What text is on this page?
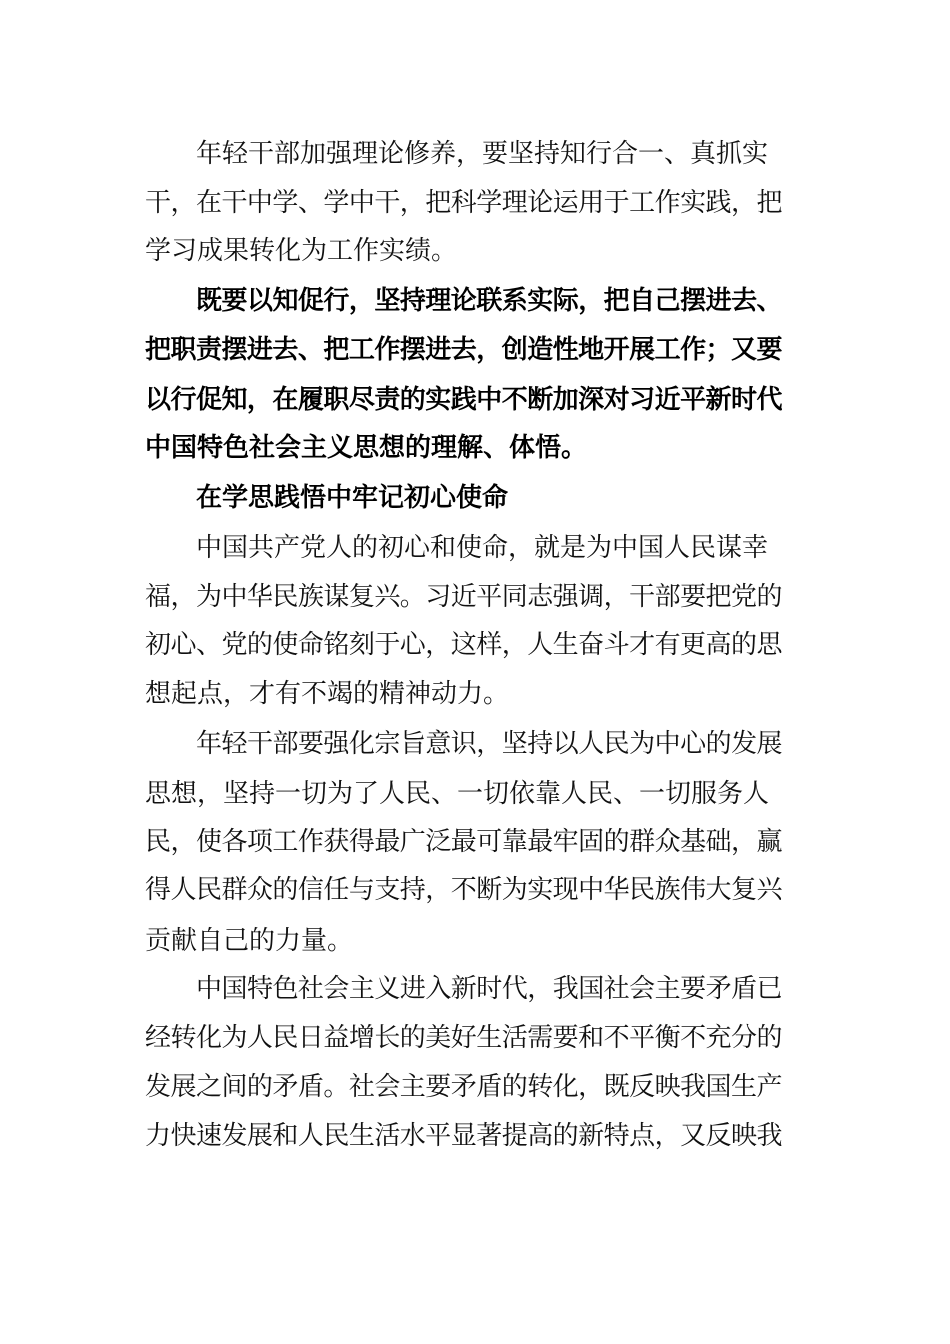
年轻干部加强理论修养，要坚持知行合一、真抓实
干，在干中学、学中干，把科学理论运用于工作实践，把
学习成果转化为工作实绩。
既要以知促行，坚持理论联系实际，把自己摆进去、
把职责摆进去、把工作摆进去，创造性地开展工作；又要
以行促知，在履职尽责的实践中不断加深对习近平新时代
中国特色社会主义思想的理解、体悟。
在学思践悟中牢记初心使命
中国共产党人的初心和使命，就是为中国人民谋幸
福，为中华民族谋复兴。习近平同志强调，干部要把党的
初心、党的使命铭刻于心，这样，人生奋斗才有更高的思
想起点，才有不竭的精神动力。
年轻干部要强化宗旨意识，坚持以人民为中心的发展
思想，坚持一切为了人民、一切依靠人民、一切服务人
民，使各项工作获得最广泛最可靠最牢固的群众基础，赢
得人民群众的信任与支持，不断为实现中华民族伟大复兴
贡献自己的力量。
中国特色社会主义进入新时代，我国社会主要矛盾已
经转化为人民日益增长的美好生活需要和不平衡不充分的
发展之间的矛盾。社会主要矛盾的转化，既反映我国生产
力快速发展和人民生活水平显著提高的新特点，又反映我
